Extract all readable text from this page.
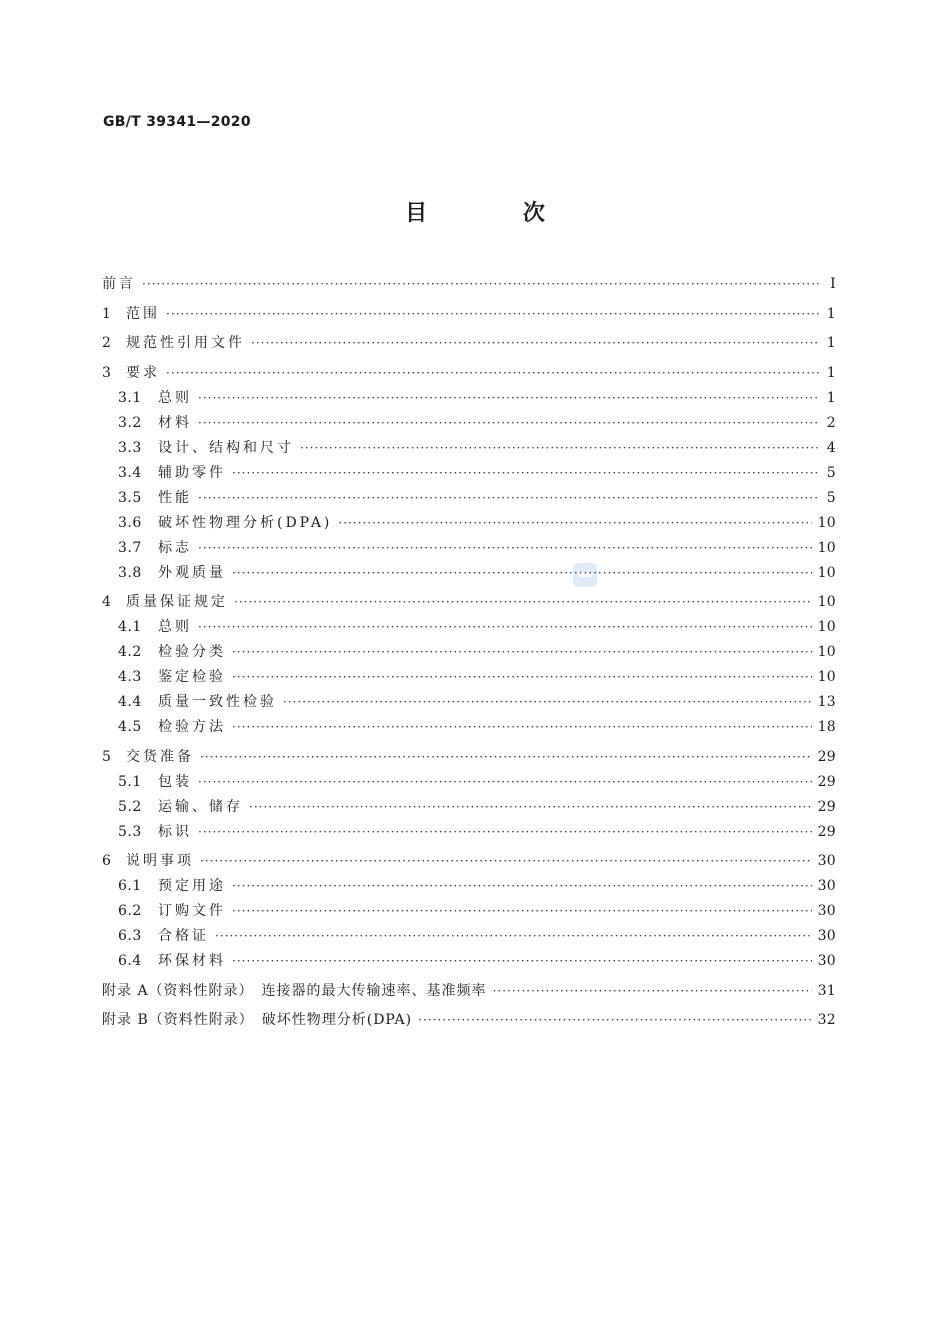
GB/T 39341—2020
目 次
前言 ·····	Ⅰ
1	范围 ·····	1
2	规范性引用文件 ·····	1
3	要求 ·····	1
3.1	总则 ·····	1
3.2	材料 ·····	2
3.3	设计、结构和尺寸 ·····	4
3.4	辅助零件 ·····	5
3.5	性能 ·····	5
3.6	破坏性物理分析(DPA) ·····	10
3.7	标志 ·····	10
3.8	外观质量 ·····	10
4	质量保证规定 ·····	10
4.1	总则 ·····	10
4.2	检验分类 ·····	10
4.3	鉴定检验 ·····	10
4.4	质量一致性检验 ·····	13
4.5	检验方法 ·····	18
5	交货准备 ·····	29
5.1	包装 ·····	29
5.2	运输、储存 ·····	29
5.3	标识 ·····	29
6	说明事项 ·····	30
6.1	预定用途 ·····	30
6.2	订购文件 ·····	30
6.3	合格证 ·····	30
6.4	环保材料 ·····	30
附录 A（资料性附录）　连接器的最大传输速率、基准频率 ·····	31
附录 B（资料性附录）　破坏性物理分析(DPA) ·····	32
